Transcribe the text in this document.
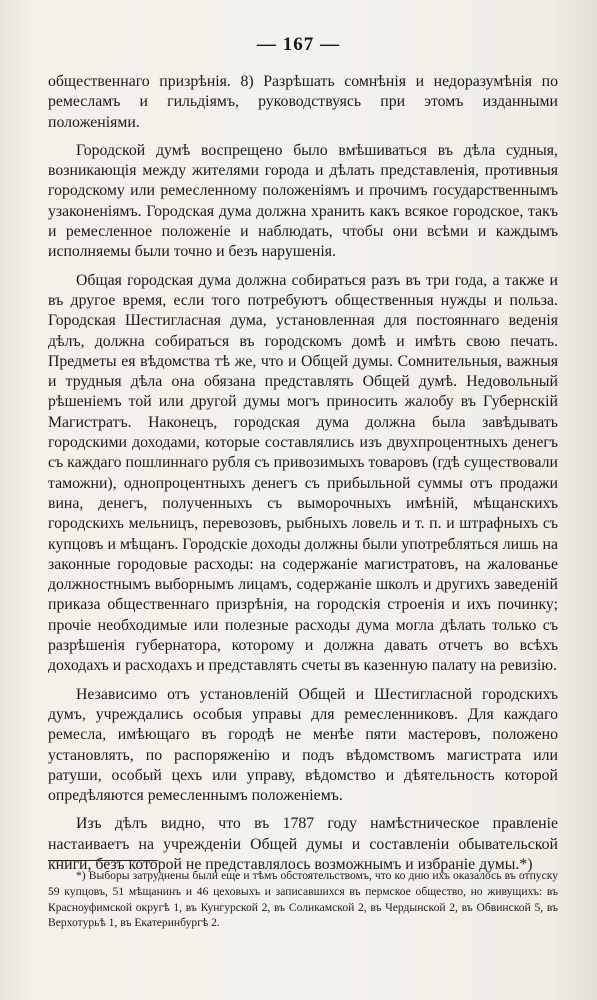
— 167 —

общественнаго призрѣнія. 8) Разрѣшать сомнѣнія и недоразумѣнія по ремесламъ и гильдіямъ, руководствуясь при этомъ изданными положеніями.

Городской думѣ воспрещено было вмѣшиваться въ дѣла судныя, возникающія между жителями города и дѣлать представленія, противныя городскому или ремесленному положеніямъ и прочимъ государственнымъ узаконеніямъ. Городская дума должна хранить какъ всякое городское, такъ и ремесленное положеніе и наблюдать, чтобы они всѣми и каждымъ исполняемы были точно и безъ нарушенія.

Общая городская дума должна собираться разъ въ три года, а также и въ другое время, если того потребуютъ общественныя нужды и польза. Городская Шестигласная дума, установленная для постояннаго веденія дѣлъ, должна собираться въ городскомъ домѣ и имѣть свою печать. Предметы ея вѣдомства тѣ же, что и Общей думы. Сомнительныя, важныя и трудныя дѣла она обязана представлять Общей думѣ. Недовольный рѣшеніемъ той или другой думы могъ приносить жалобу въ Губернскій Магистратъ. Наконецъ, городская дума должна была завѣдывать городскими доходами, которые составлялись изъ двухпроцентныхъ денегъ съ каждаго пошлиннаго рубля съ привозимыхъ товаровъ (гдѣ существовали таможни), однопроцентныхъ денегъ съ прибыльной суммы отъ продажи вина, денегъ, полученныхъ съ выморочныхъ имѣній, мѣщанскихъ городскихъ мельницъ, перевозовъ, рыбныхъ ловель и т. п. и штрафныхъ съ купцовъ и мѣщанъ. Городскіе доходы должны были употребляться лишь на законные городовые расходы: на содержаніе магистратовъ, на жалованье должностнымъ выборнымъ лицамъ, содержаніе школъ и другихъ заведеній приказа общественнаго призрѣнія, на городскія строенія и ихъ починку; прочіе необходимые или полезные расходы дума могла дѣлать только съ разрѣшенія губернатора, которому и должна давать отчетъ во всѣхъ доходахъ и расходахъ и представлять счеты въ казенную палату на ревизію.

Независимо отъ установленій Общей и Шестигласной городскихъ думъ, учреждались особыя управы для ремесленниковъ. Для каждаго ремесла, имѣющаго въ городѣ не менѣе пяти мастеровъ, положено установлять, по распоряженію и подъ вѣдомствомъ магистрата или ратуши, особый цехъ или управу, вѣдомство и дѣятельность которой опредѣляются ремесленнымъ положеніемъ.

Изъ дѣлъ видно, что въ 1787 году намѣстническое правленіе настаиваетъ на учрежденіи Общей думы и составленіи обывательской книги, безъ которой не представлялось возможнымъ и избраніе думы.*)

*) Выборы затруднены были еще и тѣмъ обстоятельствомъ, что ко дню ихъ оказалось въ отпуску 59 купцовъ, 51 мѣщанинъ и 46 цеховыхъ и записавшихся въ пермское общество, но живущихъ: въ Красноуфимской округѣ 1, въ Кунгурской 2, въ Соликамской 2, въ Чердынской 2, въ Обвинской 5, въ Верхотурьѣ 1, въ Екатеринбургѣ 2.
